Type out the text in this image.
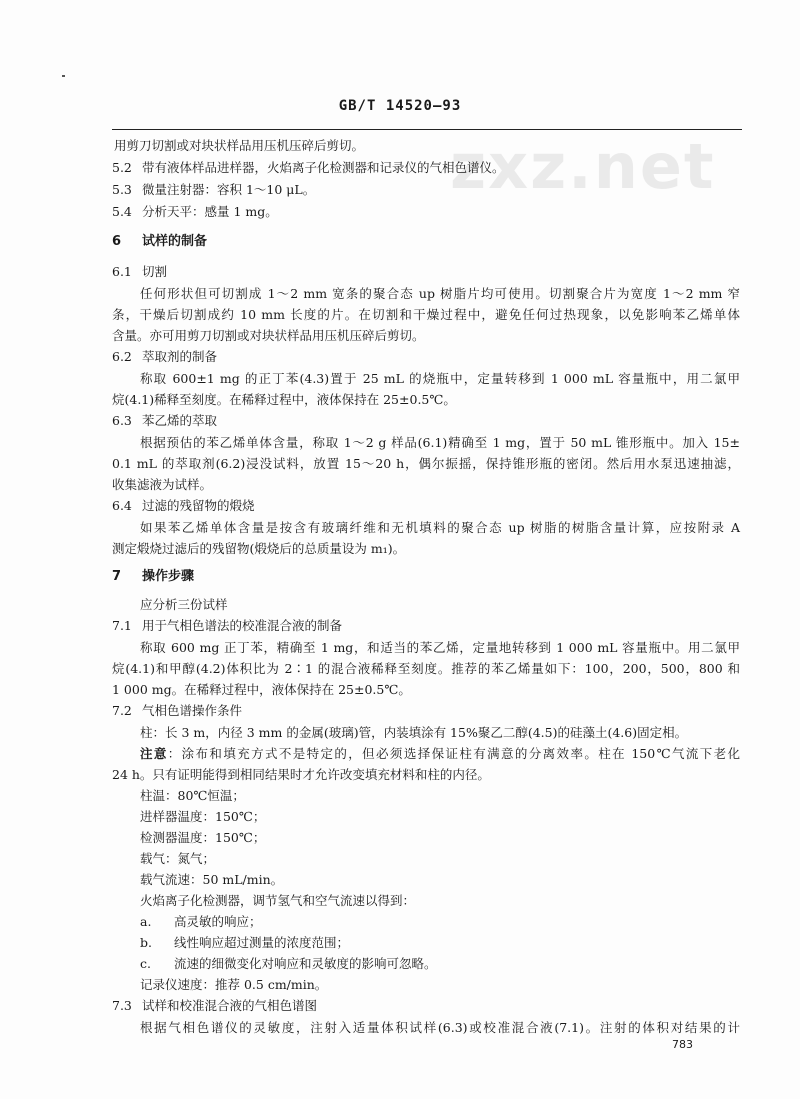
GB/T 14520—93
zxz.net
用剪刀切割或对块状样品用压机压碎后剪切。
5.2 带有液体样品进样器，火焰离子化检测器和记录仪的气相色谱仪。
5.3 微量注射器：容积 1～10 μL。
5.4 分析天平：感量 1 mg。
6 试样的制备
6.1 切割
任何形状但可切割成 1～2 mm 宽条的聚合态 up 树脂片均可使用。切割聚合片为宽度 1～2 mm 窄
条，干燥后切割成约 10 mm 长度的片。在切割和干燥过程中，避免任何过热现象，以免影响苯乙烯单体
含量。亦可用剪刀切割或对块状样品用压机压碎后剪切。
6.2 萃取剂的制备
称取 600±1 mg 的正丁苯(4.3)置于 25 mL 的烧瓶中，定量转移到 1 000 mL 容量瓶中，用二氯甲
烷(4.1)稀释至刻度。在稀释过程中，液体保持在 25±0.5℃。
6.3 苯乙烯的萃取
根据预估的苯乙烯单体含量，称取 1～2 g 样品(6.1)精确至 1 mg，置于 50 mL 锥形瓶中。加入 15±
0.1 mL 的萃取剂(6.2)浸没试料，放置 15～20 h，偶尔振摇，保持锥形瓶的密闭。然后用水泵迅速抽滤，
收集滤液为试样。
6.4 过滤的残留物的煅烧
如果苯乙烯单体含量是按含有玻璃纤维和无机填料的聚合态 up 树脂的树脂含量计算，应按附录 A
测定煅烧过滤后的残留物(煅烧后的总质量设为 m₁)。
7 操作步骤
应分析三份试样
7.1 用于气相色谱法的校准混合液的制备
称取 600 mg 正丁苯，精确至 1 mg，和适当的苯乙烯，定量地转移到 1 000 mL 容量瓶中。用二氯甲
烷(4.1)和甲醇(4.2)体积比为 2∶1 的混合液稀释至刻度。推荐的苯乙烯量如下：100，200，500，800 和
1 000 mg。在稀释过程中，液体保持在 25±0.5℃。
7.2 气相色谱操作条件
柱：长 3 m，内径 3 mm 的金属(玻璃)管，内装填涂有 15%聚乙二醇(4.5)的硅藻土(4.6)固定相。
注意：涂布和填充方式不是特定的，但必须选择保证柱有满意的分离效率。柱在 150℃气流下老化
24 h。只有证明能得到相同结果时才允许改变填充材料和柱的内径。
柱温：80℃恒温；
进样器温度：150℃；
检测器温度：150℃；
载气：氮气；
载气流速：50 mL/min。
火焰离子化检测器，调节氢气和空气流速以得到：
a. 高灵敏的响应；
b. 线性响应超过测量的浓度范围；
c. 流速的细微变化对响应和灵敏度的影响可忽略。
记录仪速度：推荐 0.5 cm/min。
7.3 试样和校准混合液的气相色谱图
根据气相色谱仪的灵敏度，注射入适量体积试样(6.3)或校准混合液(7.1)。注射的体积对结果的计
783
